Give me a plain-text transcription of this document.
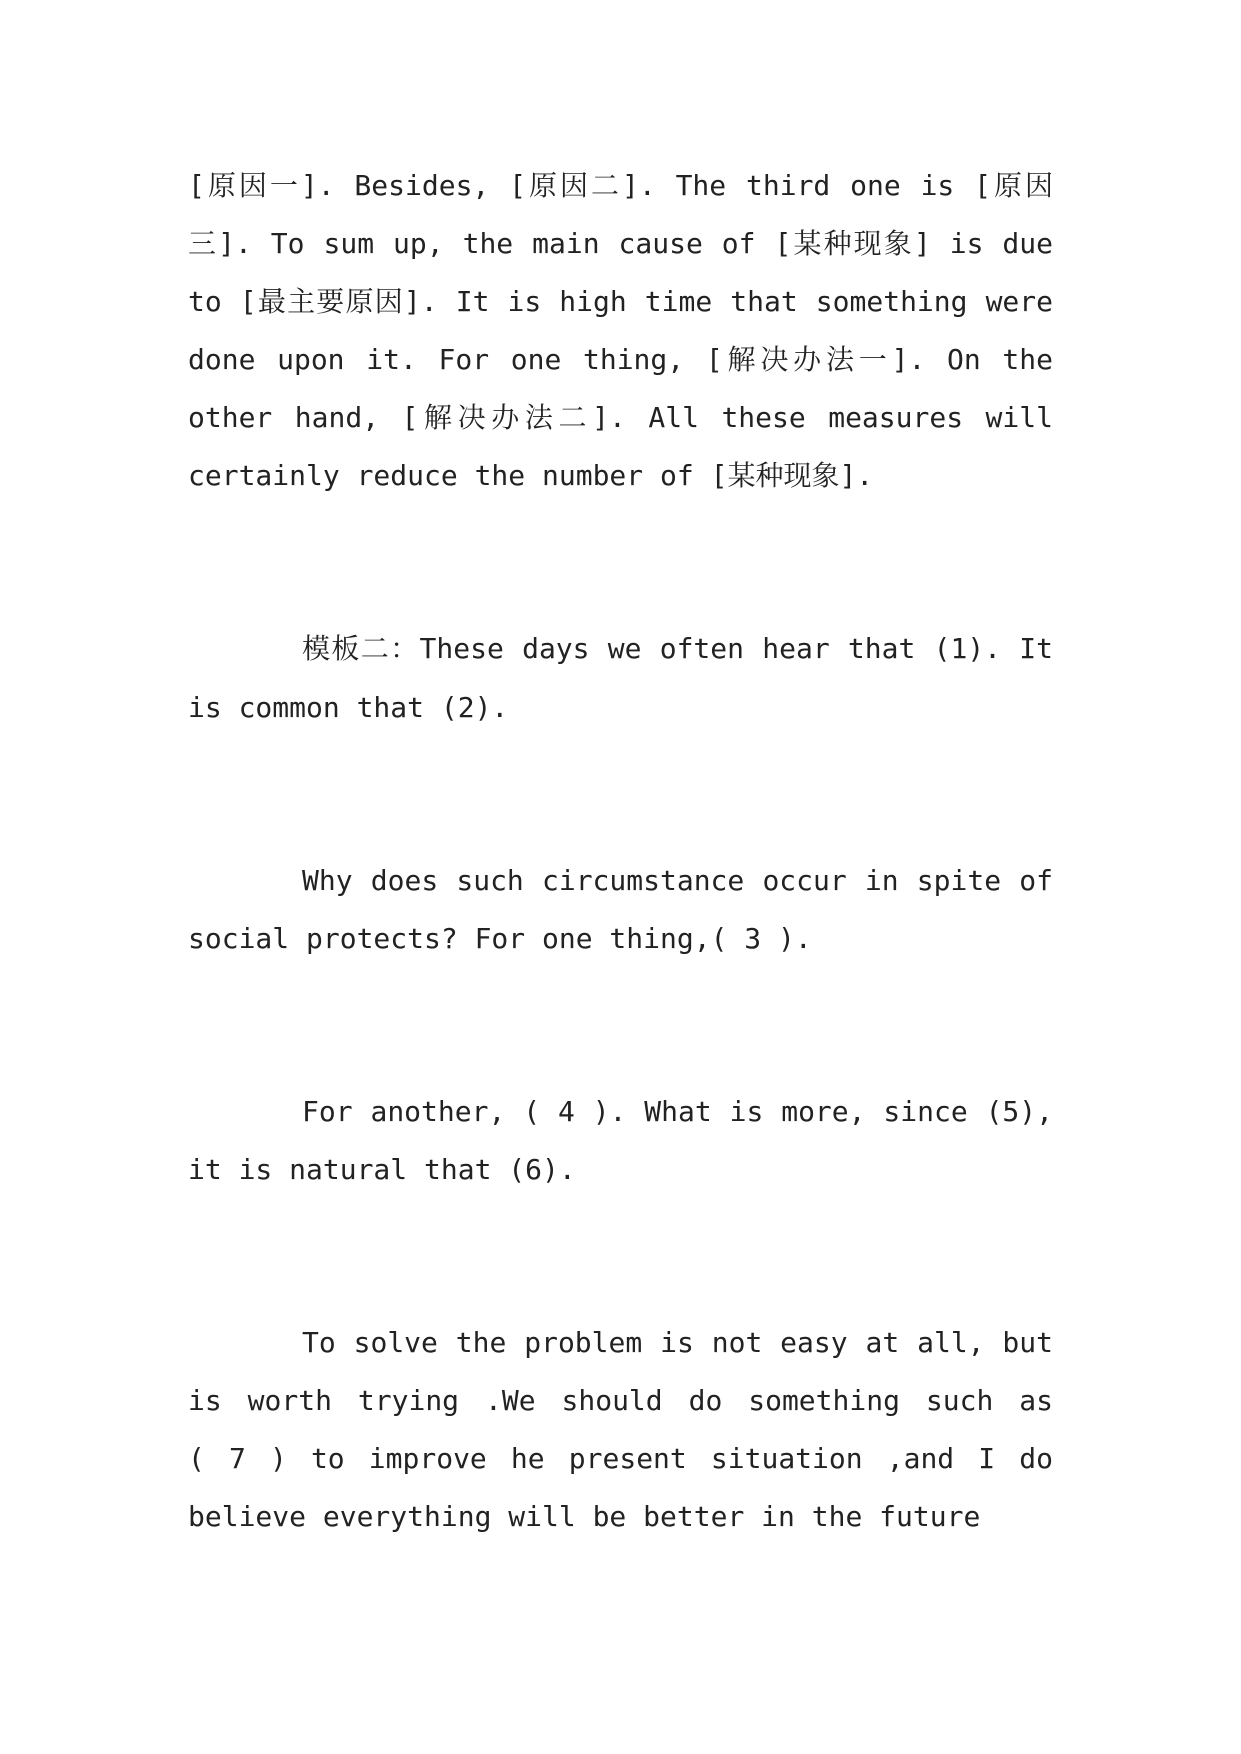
[原因一]. Besides, [原因二]. The third one is [原因
三]. To sum up, the main cause of [某种现象] is due
to [最主要原因]. It is high time that something were
done upon it. For one thing, [解决办法一]. On the
other hand, [解决办法二]. All these measures will
certainly reduce the number of [某种现象].
模板二：These days we often hear that (1). It
is common that (2).
Why does such circumstance occur in spite of
social protects? For one thing,( 3 ).
For another, ( 4 ). What is more, since (5),
it is natural that (6).
To solve the problem is not easy at all, but
is worth trying .We should do something such as
( 7 ) to improve he present situation ,and I do
believe everything will be better in the future
